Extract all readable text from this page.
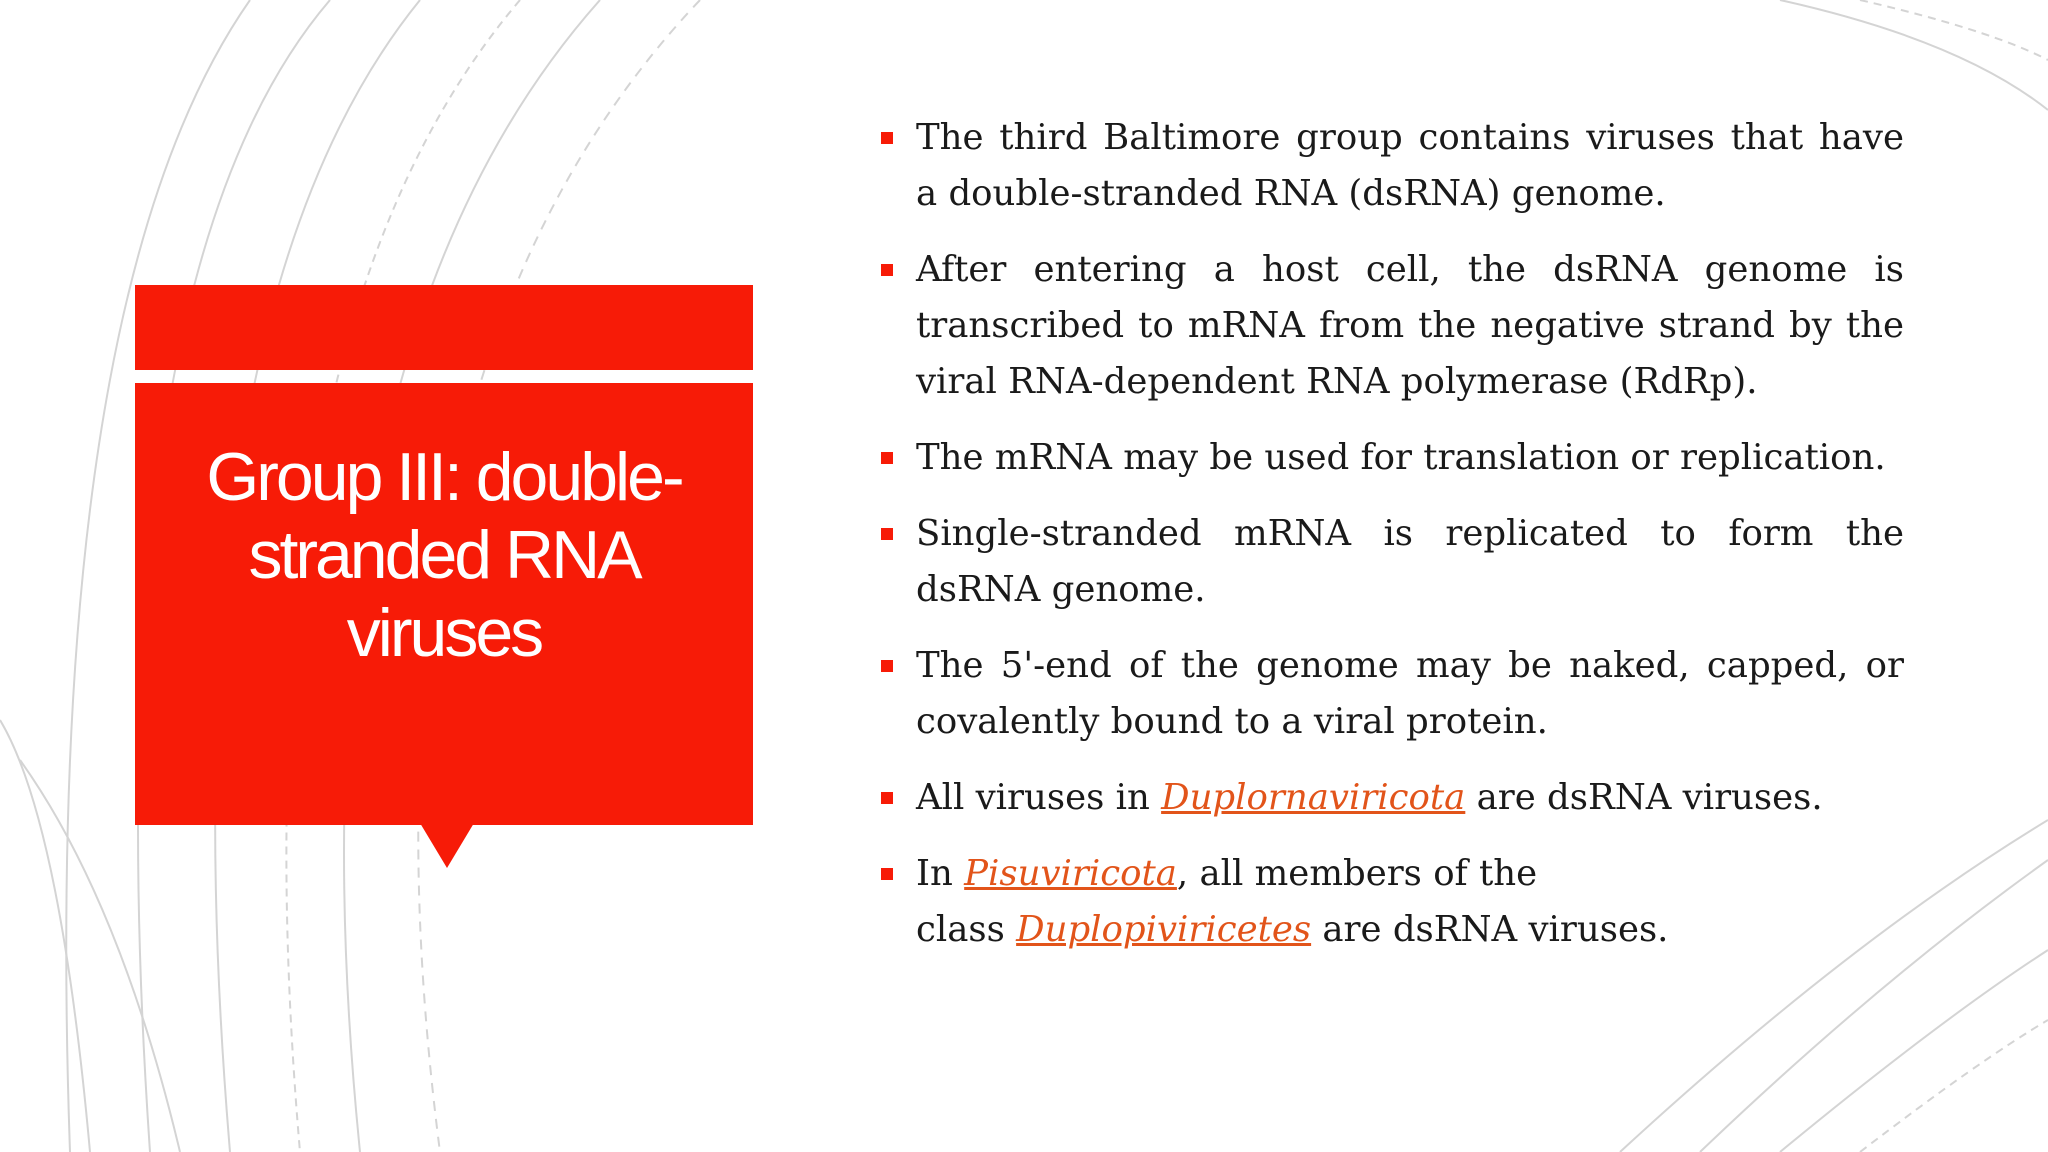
Group III: double-
stranded RNA
viruses
The third Baltimore group contains viruses that have a double-stranded RNA (dsRNA) genome.
After entering a host cell, the dsRNA genome is transcribed to mRNA from the negative strand by the viral RNA-dependent RNA polymerase (RdRp).
The mRNA may be used for translation or replication.
Single-stranded mRNA is replicated to form the dsRNA genome.
The 5'-end of the genome may be naked, capped, or covalently bound to a viral protein.
All viruses in Duplornaviricota are dsRNA viruses.
In Pisuviricota, all members of the
class Duplopiviricetes are dsRNA viruses.
